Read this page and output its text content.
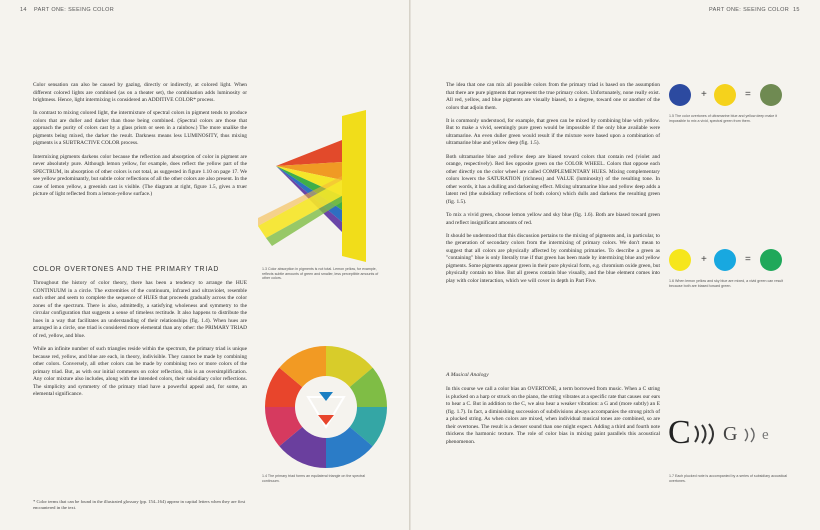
14 PART ONE: SEEING COLOR	PART ONE: SEEING COLOR 15

Color sensation can also be caused by gazing, directly or indirectly, at colored light. When different colored lights are combined (as on a theater set), the combination adds luminosity or brightness. Hence, light intermixing is considered an ADDITIVE COLOR* process.

In contrast to mixing colored light, the intermixture of spectral colors in pigment tends to produce colors that are duller and darker than those being combined. (Spectral colors are those that approach the purity of colors cast by a glass prism or seen in a rainbow.) The more unalike the pigments being mixed, the darker the result. Darkness means less LUMINOSITY, thus mixing pigments is a SUBTRACTIVE COLOR process.

Intermixing pigments darkens color because the reflection and absorption of color in pigment are never absolutely pure. Although lemon yellow, for example, does reflect the yellow part of the SPECTRUM, its absorption of other colors is not total, as suggested in figure 1.10 on page 17. We see yellow predominantly, but subtle color reflections of all the other colors are also present. In the case of lemon yellow, a greenish cast is visible. (The diagram at right, figure 1.5, gives a truer picture of light reflected from a lemon-yellow surface.)

COLOR OVERTONES AND THE PRIMARY TRIAD

Throughout the history of color theory, there has been a tendency to arrange the HUE CONTINUUM in a circle. The extremities of the continuum, infrared and ultraviolet, resemble each other and seem to complete the sequence of HUES that proceeds gradually across the color zones of the spectrum. There is also, admittedly, a satisfying wholeness and symmetry to the circular configuration that suggests a sense of timeless rectitude. It also happens to distribute the hues in a way that facilitates an understanding of their relationships (fig. 1.4). When hues are arranged in a circle, one triad is considered more elemental than any other: the PRIMARY TRIAD of red, yellow, and blue.

While an infinite number of such triangles reside within the spectrum, the primary triad is unique because red, yellow, and blue are each, in theory, indivisible. They cannot be made by combining other colors. Conversely, all other colors can be made by combining two or more colors of the primary triad. But, as with our initial comments on color reflection, this is an oversimplification. Any color mixture also includes, along with the intended colors, their subsidiary color reflections. The simplicity and symmetry of the primary triad have a powerful appeal and, for some, an elemental significance.

* Color terms that can be found in the illustrated glossary (pp. 154–164) appear in capital letters when they are first encountered in the text.
1.3 Color absorption in pigments is not total. Lemon yellow, for example, reflects subtle amounts of green and smaller, less perceptible amounts of other colors.
1.4 The primary triad forms an equilateral triangle on the spectral continuum.

The idea that one can mix all possible colors from the primary triad is based on the assumption that there are pure pigments that represent the true primary colors. Unfortunately, none really exist. All red, yellow, and blue pigments are visually biased, to a degree, toward one or another of the colors that adjoin them.

It is commonly understood, for example, that green can be mixed by combining blue with yellow. But to make a vivid, seemingly pure green would be impossible if the only blue available were ultramarine. An even duller green would result if the mixture were based upon a combination of ultramarine blue and yellow deep (fig. 1.5).

Both ultramarine blue and yellow deep are biased toward colors that contain red (violet and orange, respectively). Red lies opposite green on the COLOR WHEEL. Colors that oppose each other directly on the color wheel are called COMPLEMENTARY HUES. Mixing complementary colors lowers the SATURATION (richness) and VALUE (luminosity) of the resulting tone. In other words, it has a dulling and darkening effect. Mixing ultramarine blue and yellow deep adds a latent red (the subsidiary reflections of both colors) which dulls and darkens the resulting green (fig. 1.5).

To mix a vivid green, choose lemon yellow and sky blue (fig. 1.6). Both are biased toward green and reflect insignificant amounts of red.

It should be understood that this discussion pertains to the mixing of pigments and, in particular, to the generation of secondary colors from the intermixing of primary colors. We don't mean to suggest that all colors are physically affected by combining primaries. To describe a green as "containing" blue is only literally true if that green has been made by intermixing blue and yellow pigments. Some pigments appear green in their pure physical form, e.g. chromium oxide green, but physically contain no blue. But all greens contain blue visually, and the blue element comes into play with color interaction, which we will cover in depth in Part Five.

A Musical Analogy

In this course we call a color bias an OVERTONE, a term borrowed from music. When a C string is plucked on a harp or struck on the piano, the string vibrates at a specific rate that causes our ears to hear a C. But in addition to the C, we also hear a weaker vibration: a G and (more subtly) an E (fig. 1.7). In fact, a diminishing succession of subdivisions always accompanies the strong pitch of a plucked string. As when colors are mixed, when individual musical tones are combined, so are their overtones. The result is a denser sound than one might expect. Adding a third and fourth note thickens the harmonic texture. The role of color bias in mixing paint parallels this acoustical phenomenon.

+	=
1.5 The color overtones of ultramarine blue and yellow deep make it impossible to mix a vivid, spectral green from them.
+	=
1.6 When lemon yellow and sky blue are mixed, a vivid green can result because both are biased toward green.
C G e
1.7 Each plucked note is accompanied by a series of subsidiary acoustical overtones.
